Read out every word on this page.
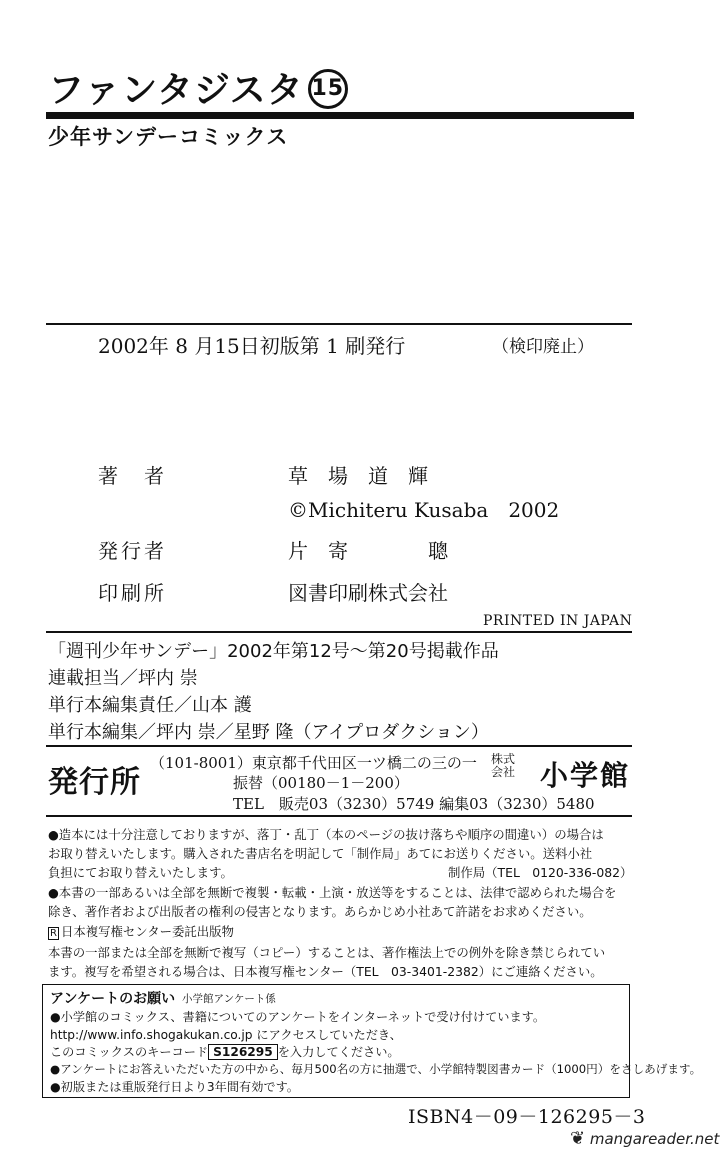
ファンタジスタ 15
少年サンデーコミックス
2002年 8 月15日初版第 1 刷発行	（検印廃止）
著　者	草　場　道　輝
©Michiteru Kusaba　2002
発行者	片　寄　　　　聰
印刷所	図書印刷株式会社
PRINTED IN JAPAN
「週刊少年サンデー」2002年第12号～第20号掲載作品
連載担当／坪内 崇
単行本編集責任／山本 護
単行本編集／坪内 崇／星野 隆（アイプロダクション）
発行所
（101-8001）東京都千代田区一ツ橋二の三の一
振替（00180－1－200）
TEL　販売03（3230）5749 編集03（3230）5480
株式
会社 小学館
●造本には十分注意しておりますが、落丁・乱丁（本のページの抜け落ちや順序の間違い）の場合は
お取り替えいたします。購入された書店名を明記して「制作局」あてにお送りください。送料小社
負担にてお取り替えいたします。	制作局（TEL　0120-336-082）
●本書の一部あるいは全部を無断で複製・転載・上演・放送等をすることは、法律で認められた場合を
除き、著作者および出版者の権利の侵害となります。あらかじめ小社あて許諾をお求めください。
R 日本複写権センター委託出版物
本書の一部または全部を無断で複写（コピー）することは、著作権法上での例外を除き禁じられてい
ます。複写を希望される場合は、日本複写権センター（TEL　03-3401-2382）にご連絡ください。
アンケートのお願い 小学館アンケート係
●小学館のコミックス、書籍についてのアンケートをインターネットで受け付けています。
http://www.info.shogakukan.co.jp にアクセスしていただき、
このコミックスのキーコード S126295 を入力してください。
●アンケートにお答えいただいた方の中から、毎月500名の方に抽選で、小学館特製図書カード（1000円）をさしあげます。
●初版または重版発行日より3年間有効です。
ISBN4－09－126295－3
❦ mangareader.net
